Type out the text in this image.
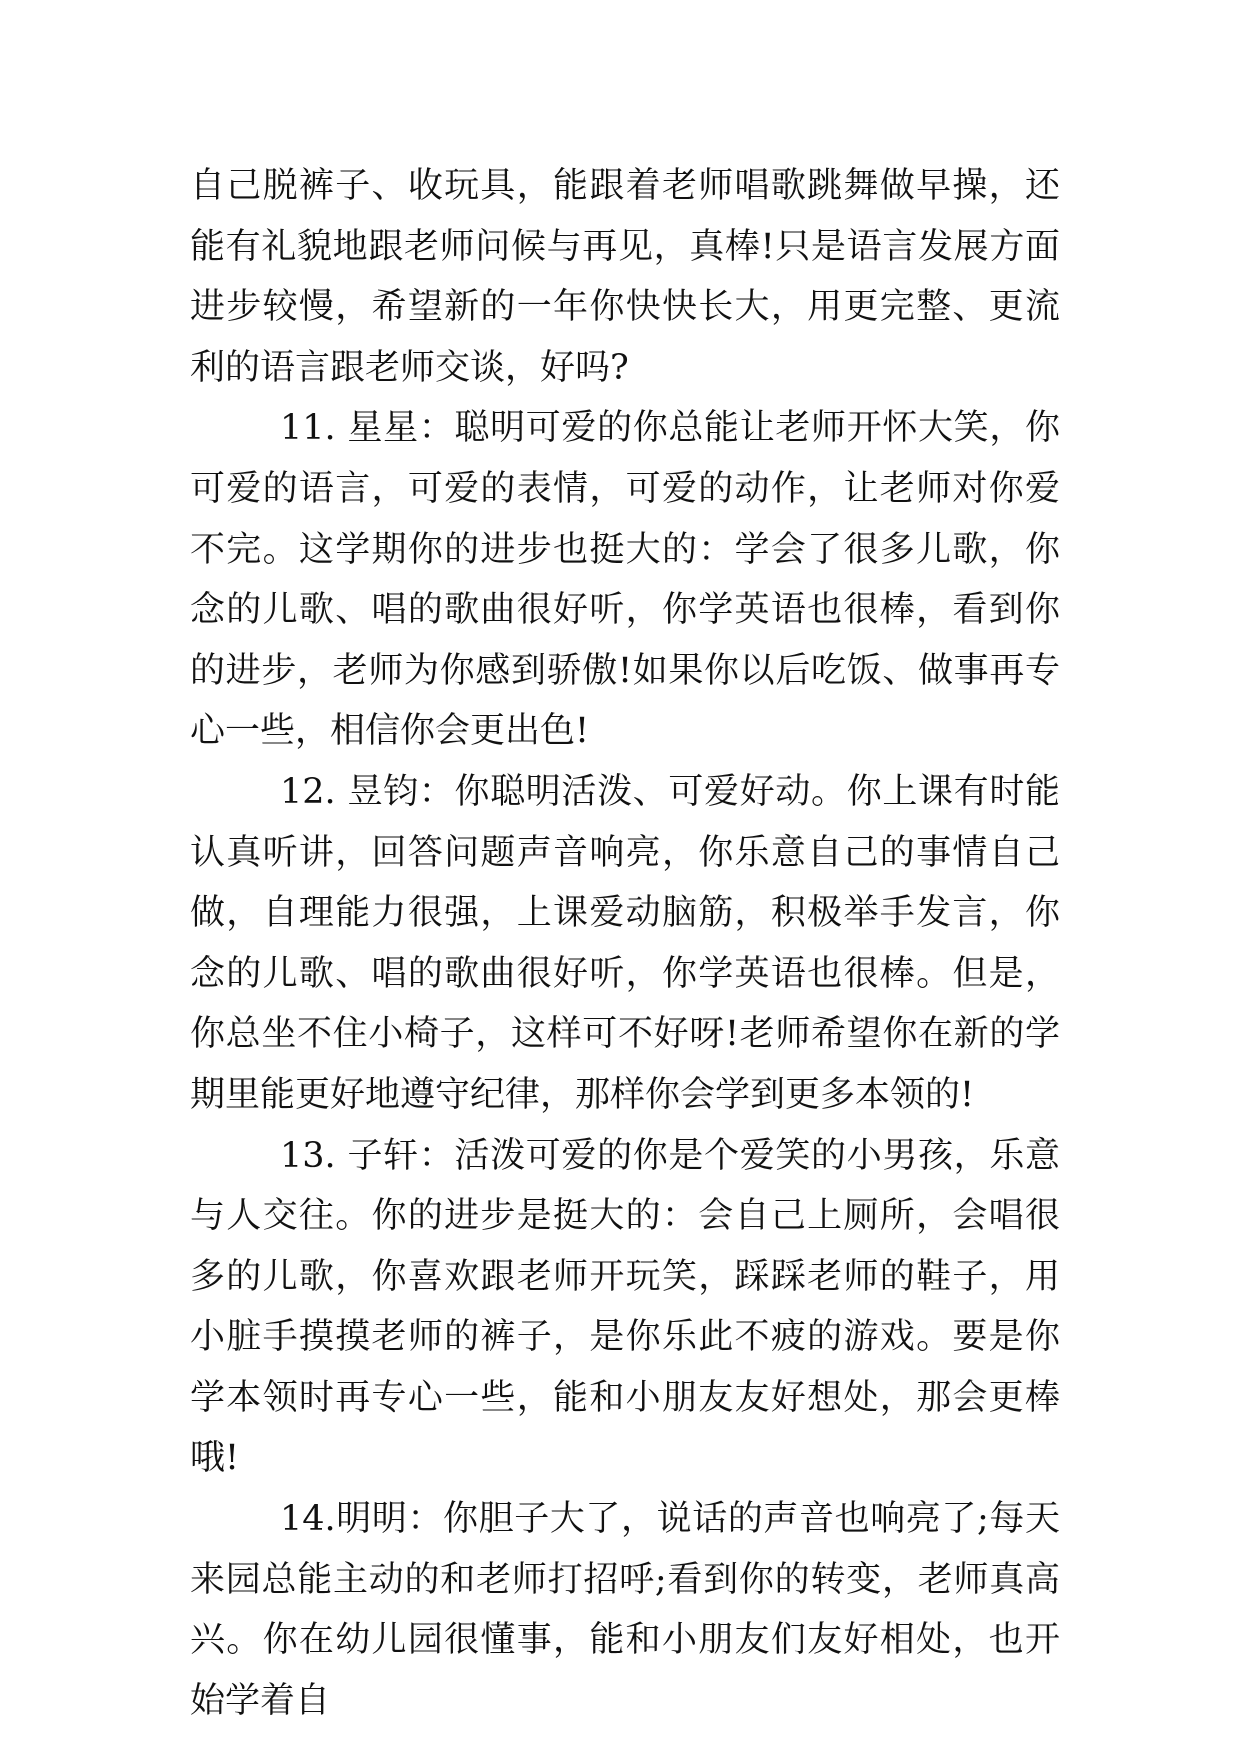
自己脱裤子、收玩具，能跟着老师唱歌跳舞做早操，还能有礼貌地跟老师问候与再见，真棒!只是语言发展方面进步较慢，希望新的一年你快快长大，用更完整、更流利的语言跟老师交谈，好吗?

11. 星星：聪明可爱的你总能让老师开怀大笑，你可爱的语言，可爱的表情，可爱的动作，让老师对你爱不完。这学期你的进步也挺大的：学会了很多儿歌，你念的儿歌、唱的歌曲很好听，你学英语也很棒，看到你的进步，老师为你感到骄傲!如果你以后吃饭、做事再专心一些，相信你会更出色!

12. 昱钧：你聪明活泼、可爱好动。你上课有时能认真听讲，回答问题声音响亮，你乐意自己的事情自己做，自理能力很强，上课爱动脑筋，积极举手发言，你念的儿歌、唱的歌曲很好听，你学英语也很棒。但是，你总坐不住小椅子，这样可不好呀!老师希望你在新的学期里能更好地遵守纪律，那样你会学到更多本领的!

13. 子轩：活泼可爱的你是个爱笑的小男孩，乐意与人交往。你的进步是挺大的：会自己上厕所，会唱很多的儿歌，你喜欢跟老师开玩笑，踩踩老师的鞋子，用小脏手摸摸老师的裤子，是你乐此不疲的游戏。要是你学本领时再专心一些，能和小朋友友好想处，那会更棒哦!

14.明明：你胆子大了，说话的声音也响亮了;每天来园总能主动的和老师打招呼;看到你的转变，老师真高兴。你在幼儿园很懂事，能和小朋友们友好相处，也开始学着自
